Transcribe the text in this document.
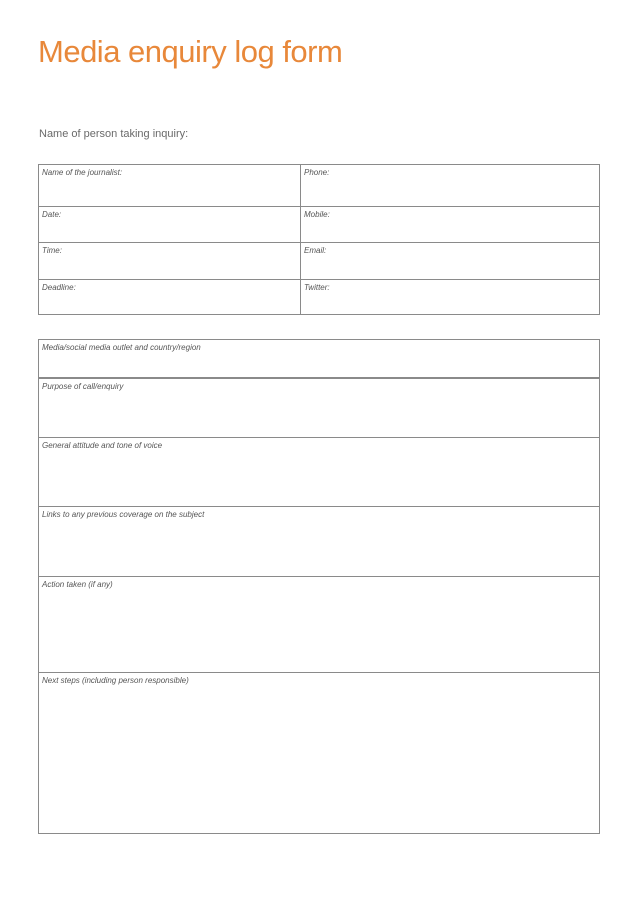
Media enquiry log form
Name of person taking inquiry:
Name of the journalist:	Phone:
Date:	Mobile:
Time:	Email:
Deadline:	Twitter:
Media/social media outlet and country/region
Purpose of call/enquiry
General attitude and tone of voice
Links to any previous coverage on the subject
Action taken (if any)
Next steps (including person responsible)
